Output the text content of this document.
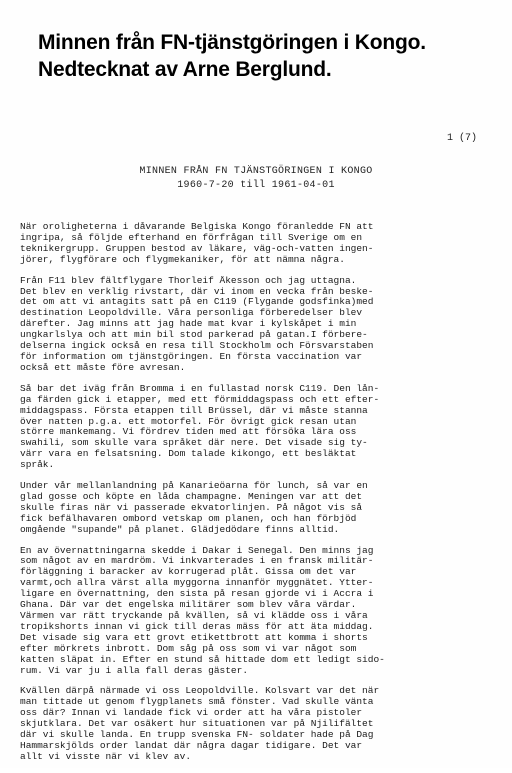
Minnen från FN-tjänstgöringen i Kongo.
Nedtecknat av Arne Berglund.
1 (7)
MINNEN FRÅN FN TJÄNSTGÖRINGEN I KONGO
1960-7-20 till 1961-04-01
När oroligheterna i dåvarande Belgiska Kongo föranledde FN att
ingripa, så följde efterhand en förfrågan till Sverige om en
teknikergrupp. Gruppen bestod av läkare, väg-och-vatten ingen-
jörer, flygförare och flygmekaniker, för att nämna några.
Från F11 blev fältflygare Thorleif Åkesson och jag uttagna.
Det blev en verklig rivstart, där vi inom en vecka från beske-
det om att vi antagits satt på en C119 (Flygande godsfinka)med
destination Leopoldville. Våra personliga förberedelser blev
därefter. Jag minns att jag hade mat kvar i kylskåpet i min
ungkarlslya och att min bil stod parkerad på gatan.I förbere-
delserna ingick också en resa till Stockholm och Försvarstaben
för information om tjänstgöringen. En första vaccination var
också ett måste före avresan.
Så bar det iväg från Bromma i en fullastad norsk C119. Den lån-
ga färden gick i etapper, med ett förmiddagspass och ett efter-
middagspass. Första etappen till Brüssel, där vi måste stanna
över natten p.g.a. ett motorfel. För övrigt gick resan utan
större mankemang. Vi fördrev tiden med att försöka lära oss
swahili, som skulle vara språket där nere. Det visade sig ty-
värr vara en felsatsning. Dom talade kikongo, ett besläktat
språk.
Under vår mellanlandning på Kanarieöarna för lunch, så var en
glad gosse och köpte en låda champagne. Meningen var att det
skulle firas när vi passerade ekvatorlinjen. På något vis så
fick befälhavaren ombord vetskap om planen, och han förbjöd
omgående "supande" på planet. Glädjedödare finns alltid.
En av övernattningarna skedde i Dakar i Senegal. Den minns jag
som något av en mardröm. Vi inkvarterades i en fransk militär-
förläggning i baracker av korrugerad plåt. Gissa om det var
varmt,och allra värst alla myggorna innanför myggnätet. Ytter-
ligare en övernattning, den sista på resan gjorde vi i Accra i
Ghana. Där var det engelska militärer som blev våra värdar.
Värmen var rätt tryckande på kvällen, så vi klädde oss i våra
tropikshorts innan vi gick till deras mäss för att äta middag.
Det visade sig vara ett grovt etikettbrott att komma i shorts
efter mörkrets inbrott. Dom såg på oss som vi var något som
katten släpat in. Efter en stund så hittade dom ett ledigt sido-
rum. Vi var ju i alla fall deras gäster.
Kvällen därpå närmade vi oss Leopoldville. Kolsvart var det när
man tittade ut genom flygplanets små fönster. Vad skulle vänta
oss där? Innan vi landade fick vi order att ha våra pistoler
skjutklara. Det var osäkert hur situationen var på Njilifältet
där vi skulle landa. En trupp svenska FN- soldater hade på Dag
Hammarskjölds order landat där några dagar tidigare. Det var
allt vi visste när vi klev av.
